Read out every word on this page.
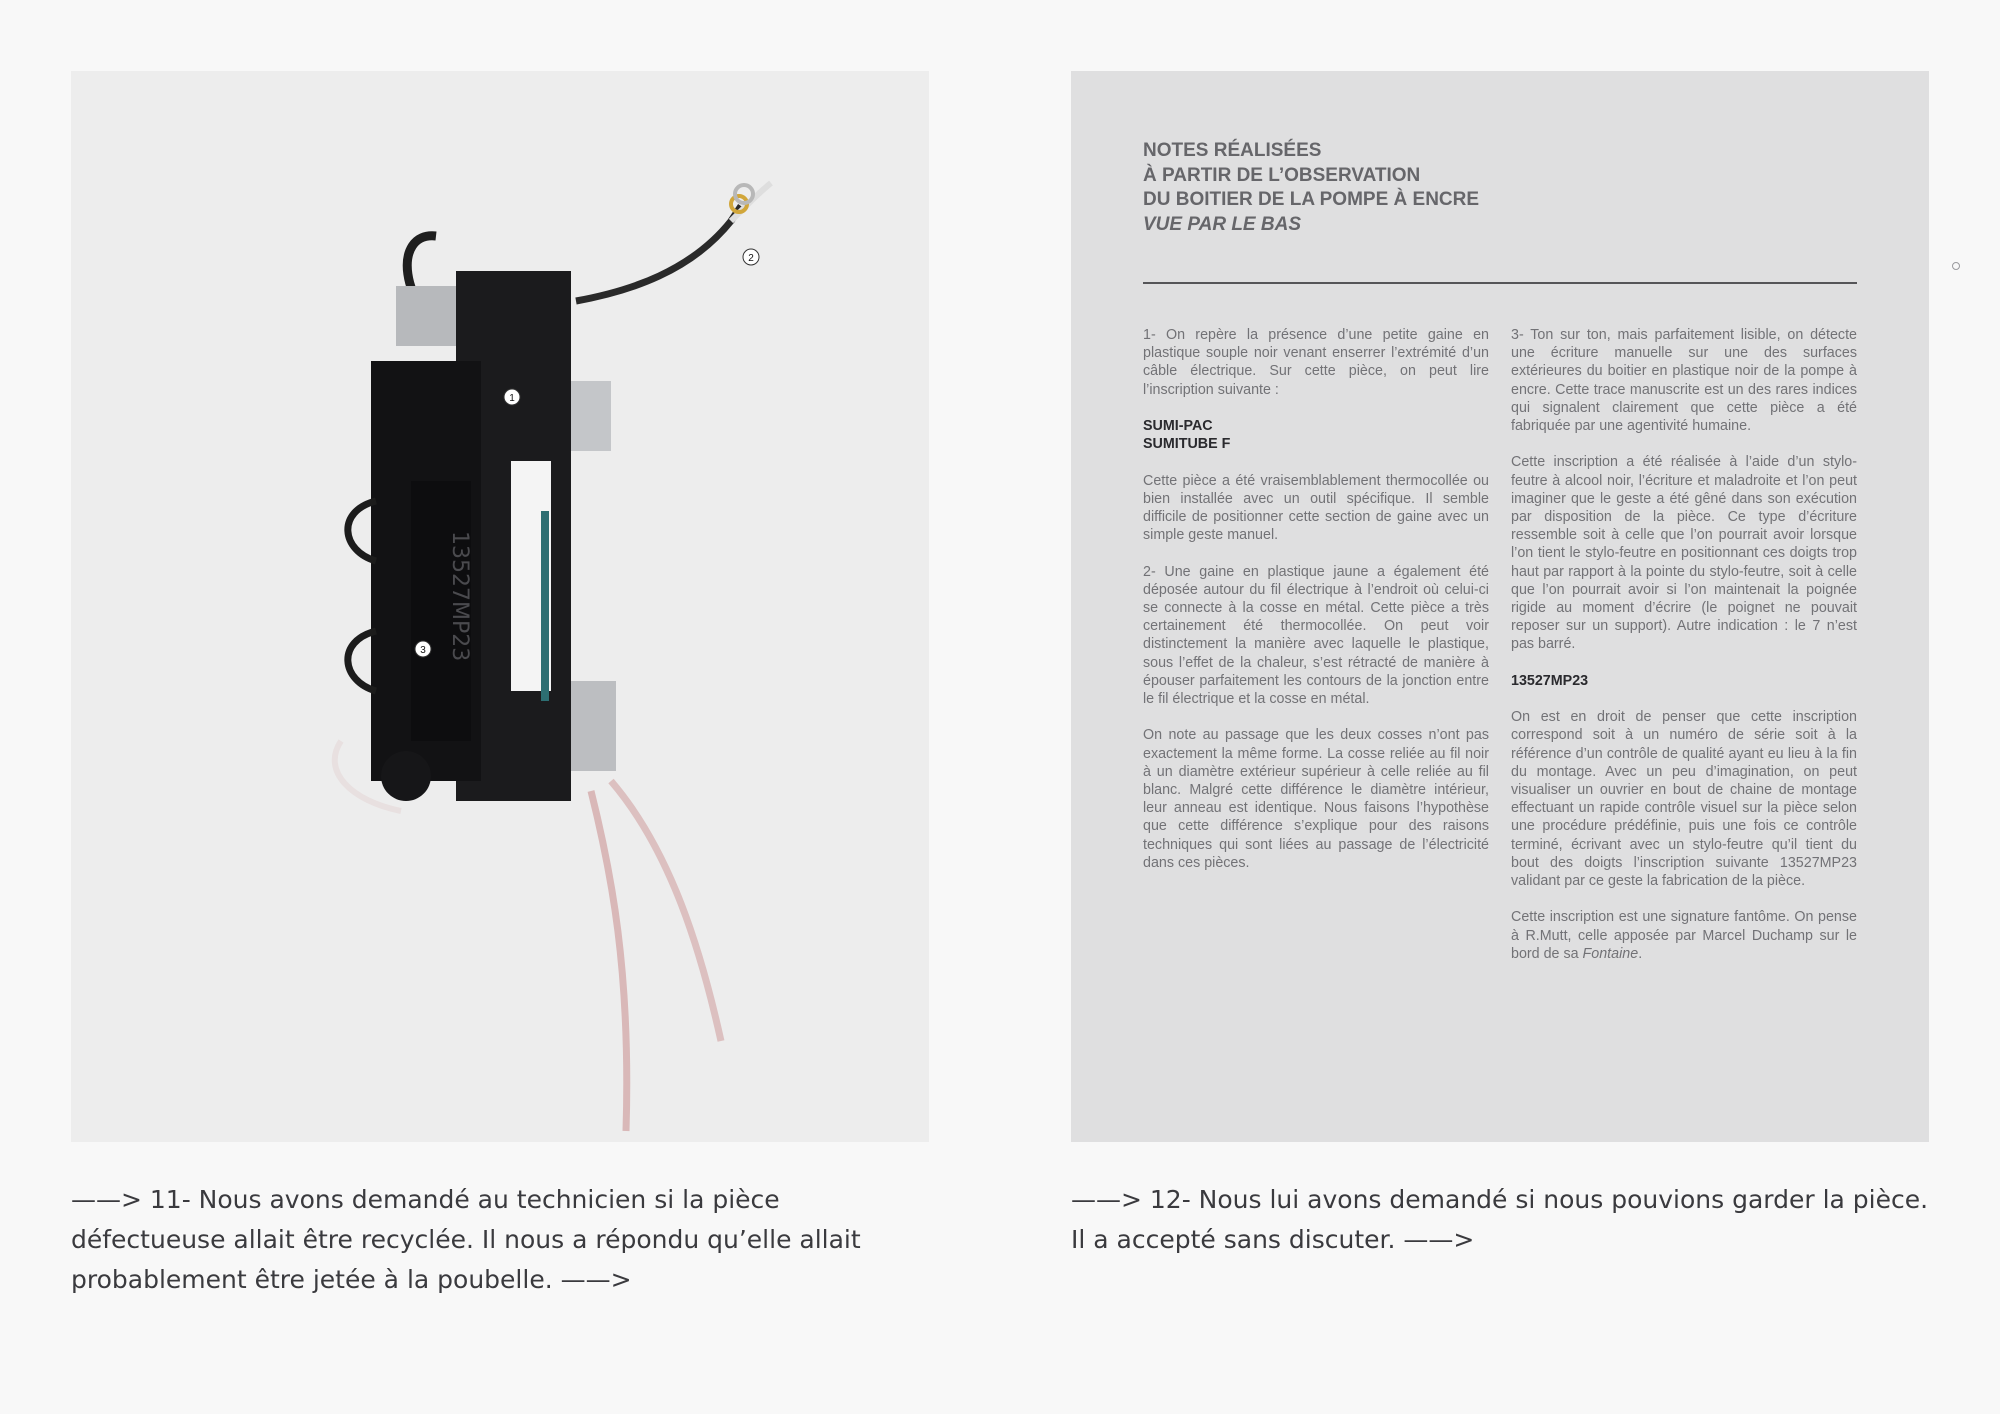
13527MP23
1
2
3
NOTES RÉALISÉES
À PARTIR DE L’OBSERVATION
DU BOITIER DE LA POMPE À ENCRE
VUE PAR LE BAS

1- On repère la présence d’une petite gaine en plastique souple noir venant enserrer l’extrémité d’un câble électrique. Sur cette pièce, on peut lire l’inscription suivante :

SUMI-PAC
SUMITUBE F

Cette pièce a été vraisemblablement thermocollée ou bien installée avec un outil spécifique. Il semble difficile de positionner cette section de gaine avec un simple geste manuel.

2- Une gaine en plastique jaune a également été déposée autour du fil électrique à l’endroit où celui-ci se connecte à la cosse en métal. Cette pièce a très certainement été thermocollée. On peut voir distinctement la manière avec laquelle le plastique, sous l’effet de la chaleur, s’est rétracté de manière à épouser parfaitement les contours de la jonction entre le fil électrique et la cosse en métal.

On note au passage que les deux cosses n’ont pas exactement la même forme. La cosse reliée au fil noir à un diamètre extérieur supérieur à celle reliée au fil blanc. Malgré cette différence le diamètre intérieur, leur anneau est identique. Nous faisons l’hypothèse que cette différence s’explique pour des raisons techniques qui sont liées au passage de l’électricité dans ces pièces.

3- Ton sur ton, mais parfaitement lisible, on détecte une écriture manuelle sur une des surfaces extérieures du boitier en plastique noir de la pompe à encre. Cette trace manuscrite est un des rares indices qui signalent clairement que cette pièce a été fabriquée par une agentivité humaine.

Cette inscription a été réalisée à l’aide d’un stylo-feutre à alcool noir, l’écriture et maladroite et l’on peut imaginer que le geste a été gêné dans son exécution par disposition de la pièce. Ce type d’écriture ressemble soit à celle que l’on pourrait avoir lorsque l’on tient le stylo-feutre en positionnant ces doigts trop haut par rapport à la pointe du stylo-feutre, soit à celle que l’on pourrait avoir si l’on maintenait la poignée rigide au moment d’écrire (le poignet ne pouvait reposer sur un support). Autre indication : le 7 n’est pas barré.

13527MP23

On est en droit de penser que cette inscription correspond soit à un numéro de série soit à la référence d’un contrôle de qualité ayant eu lieu à la fin du montage. Avec un peu d’imagination, on peut visualiser un ouvrier en bout de chaine de montage effectuant un rapide contrôle visuel sur la pièce selon une procédure prédéfinie, puis une fois ce contrôle terminé, écrivant avec un stylo-feutre qu’il tient du bout des doigts l’inscription suivante 13527MP23 validant par ce geste la fabrication de la pièce.

Cette inscription est une signature fantôme. On pense à R.Mutt, celle apposée par Marcel Duchamp sur le bord de sa Fontaine.

——> 11- Nous avons demandé au technicien si la pièce défectueuse allait être recyclée. Il nous a répondu qu’elle allait probablement être jetée à la poubelle. ——>
——> 12- Nous lui avons demandé si nous pouvions garder la pièce. Il a accepté sans discuter. ——>
